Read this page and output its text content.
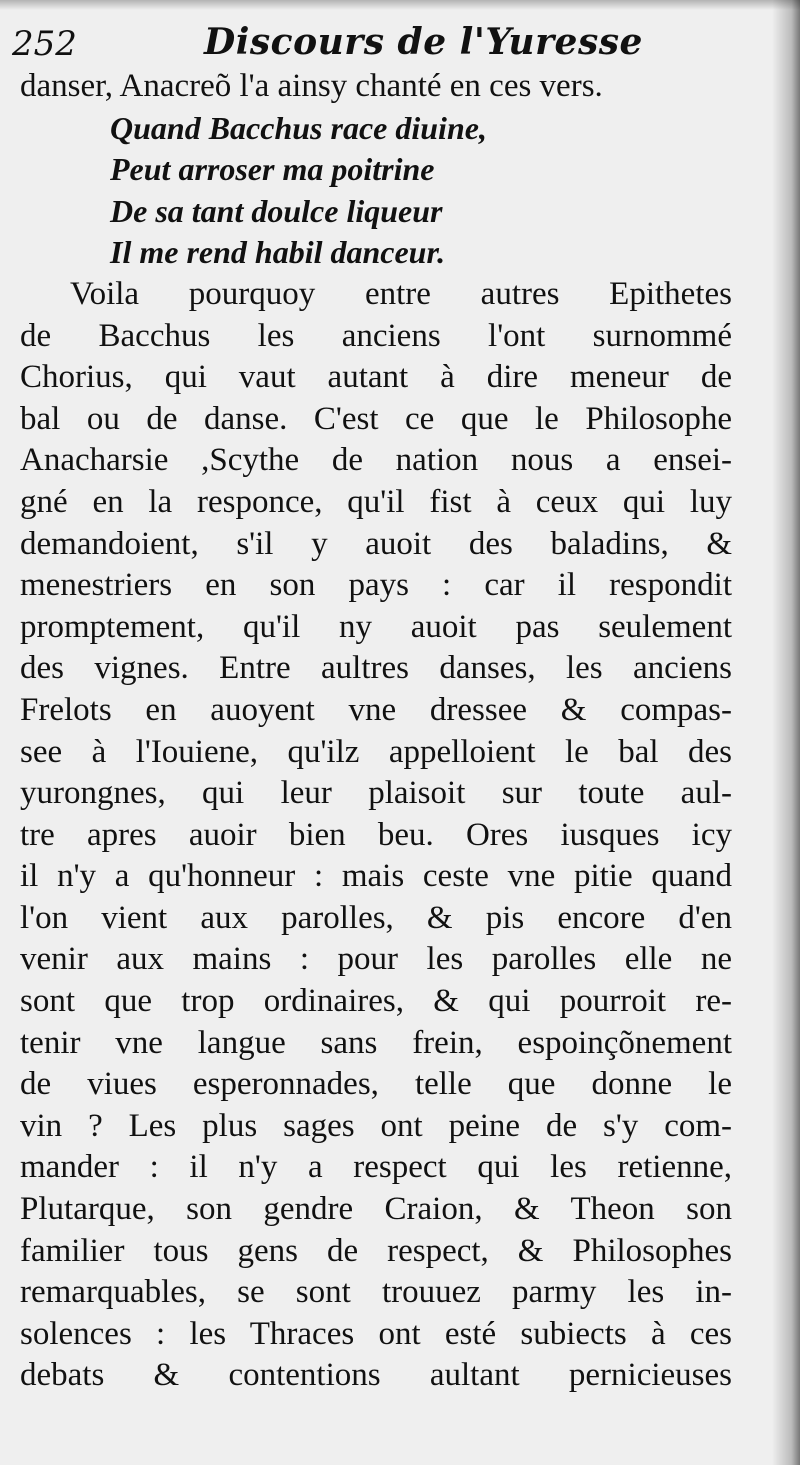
252	Discours de l'Yuresse
danser, Anacreõ l'a ainsy chanté en ces vers.
Quand Bacchus race diuine,
Peut arroser ma poitrine
De sa tant doulce liqueur
Il me rend habil danceur.
Voila pourquoy entre autres Epithetes
de Bacchus les anciens l'ont surnommé
Chorius, qui vaut autant à dire meneur de
bal ou de danse. C'est ce que le Philosophe
Anacharsie ,Scythe de nation nous a ensei-
gné en la responce, qu'il fist à ceux qui luy
demandoient, s'il y auoit des baladins, &
menestriers en son pays : car il respondit
promptement, qu'il ny auoit pas seulement
des vignes. Entre aultres danses, les anciens
Frelots en auoyent vne dressee & compas-
see à l'Iouiene, qu'ilz appelloient le bal des
yurongnes, qui leur plaisoit sur toute aul-
tre apres auoir bien beu. Ores iusques icy
il n'y a qu'honneur : mais ceste vne pitie quand
l'on vient aux parolles, & pis encore d'en
venir aux mains : pour les parolles elle ne
sont que trop ordinaires, & qui pourroit re-
tenir vne langue sans frein, espoinçõnement
de viues esperonnades, telle que donne le
vin ? Les plus sages ont peine de s'y com-
mander : il n'y a respect qui les retienne,
Plutarque, son gendre Craion, & Theon son
familier tous gens de respect, & Philosophes
remarquables, se sont trouuez parmy les in-
solences : les Thraces ont esté subiects à ces
debats & contentions aultant pernicieuses
